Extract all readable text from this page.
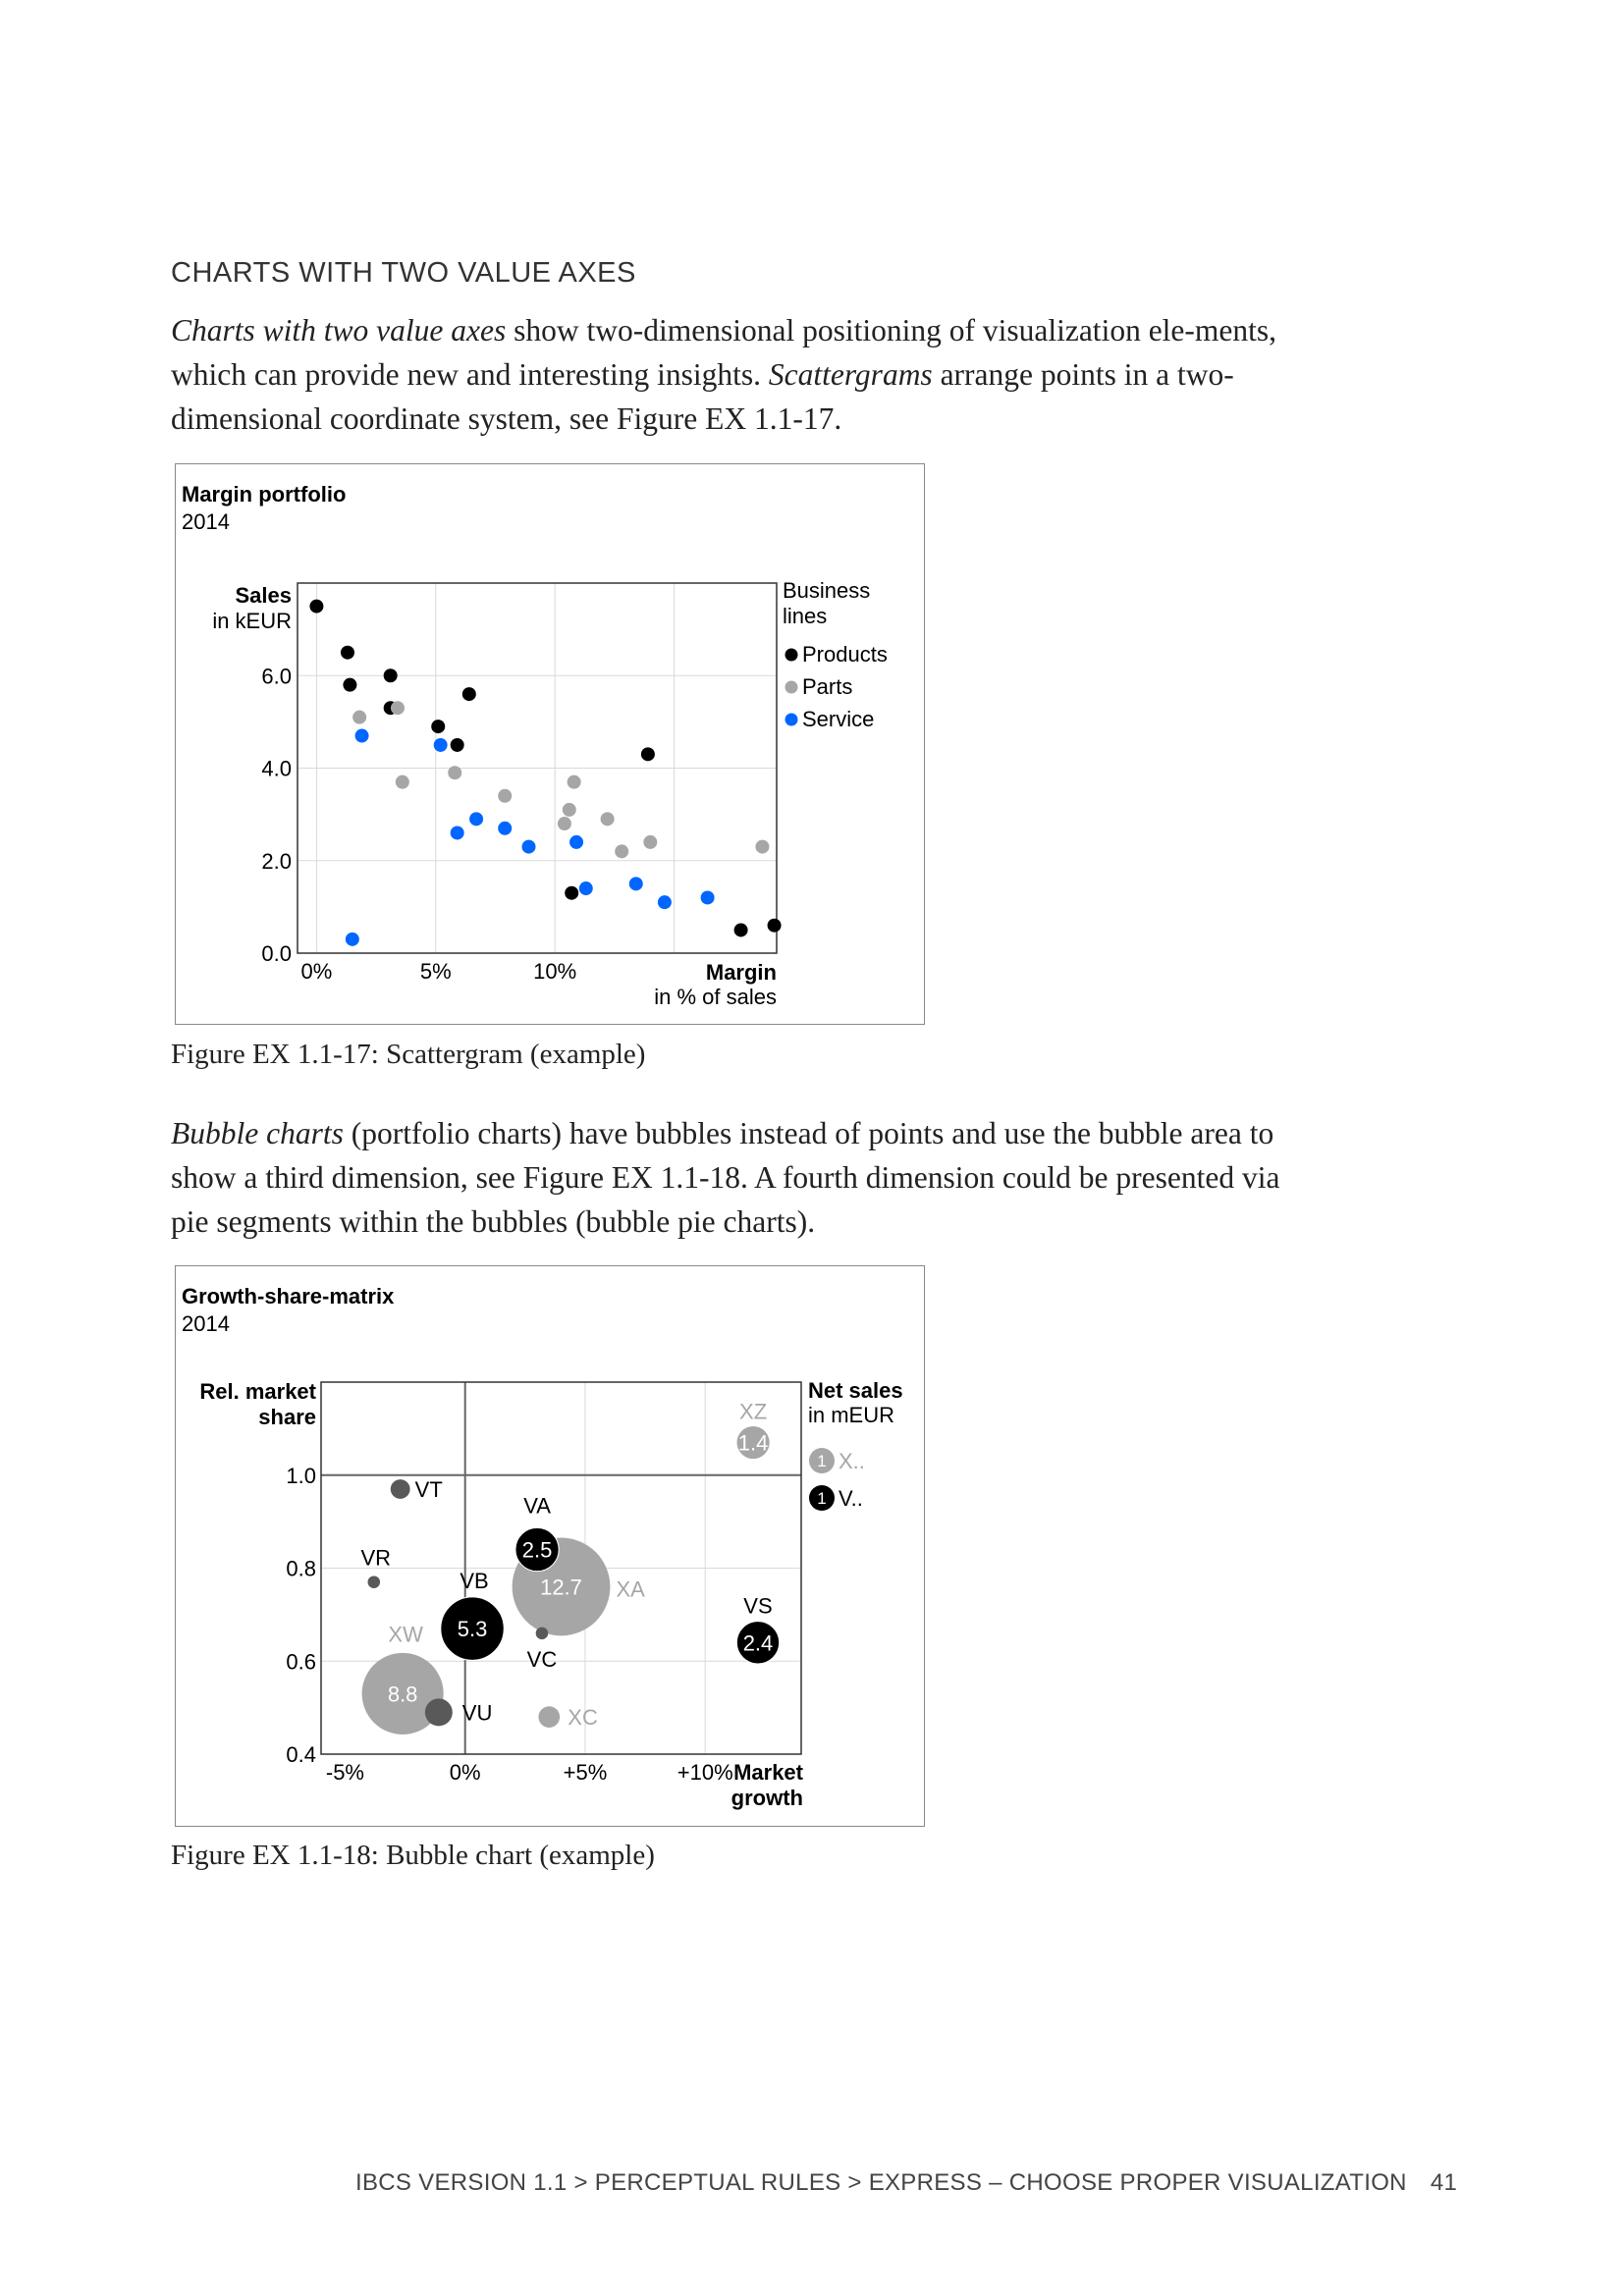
CHARTS WITH TWO VALUE AXES

Charts with two value axes show two-dimensional positioning of visualization ele-ments, which can provide new and interesting insights. Scattergrams arrange points in a two-dimensional coordinate system, see Figure EX 1.1-17.

Margin portfolio
2014
0.0
2.0
4.0
6.0
0%	5%	10%
Sales
in kEUR
Margin
in % of sales
Business lines
Products
Parts
Service

Figure EX 1.1-17: Scattergram (example)

Bubble charts (portfolio charts) have bubbles instead of points and use the bubble area to show a third dimension, see Figure EX 1.1-18. A fourth dimension could be presented via pie segments within the bubbles (bubble pie charts).

Growth-share-matrix
2014
0.4
0.6
0.8
1.0
-5%	0%	+5%	+10%
Rel. market share
Market growth
Net sales
in mEUR
1 X..
1 V..
12.7
8.8
5.3
2.5
2.4
1.4
XZ
VT
VA
XA
VR
VB
VC
VS
XW
VU	XC

Figure EX 1.1-18: Bubble chart (example)

IBCS VERSION 1.1 > PERCEPTUAL RULES > EXPRESS – CHOOSE PROPER VISUALIZATION 41
